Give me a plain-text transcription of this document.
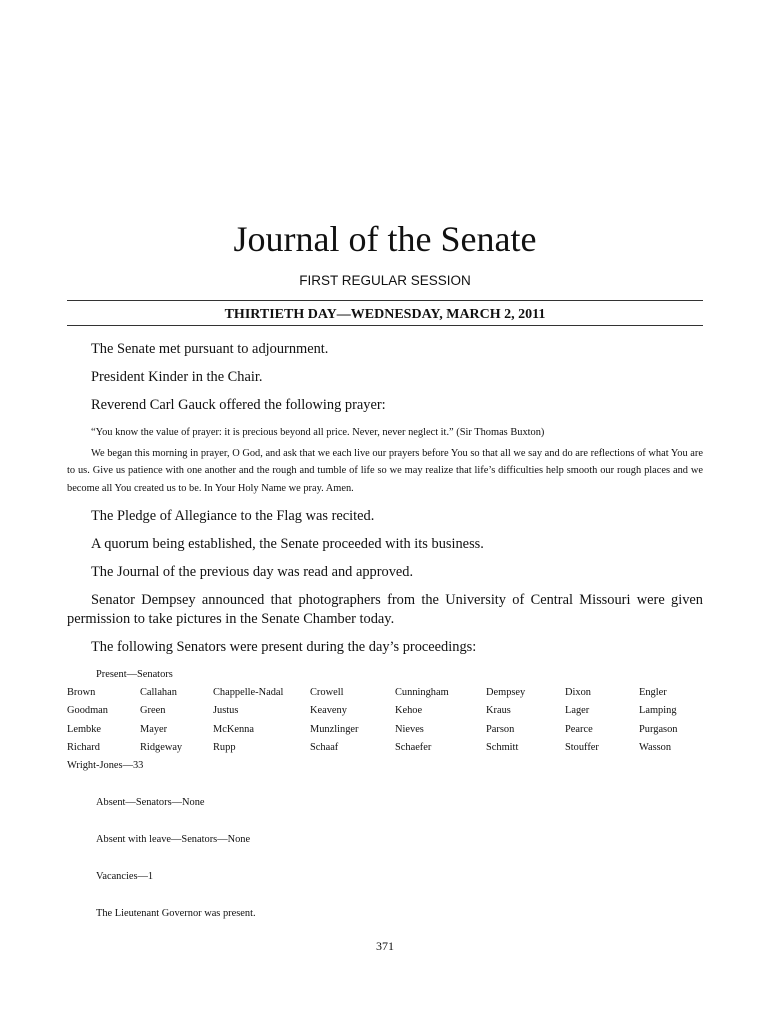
Journal of the Senate
FIRST REGULAR SESSION
THIRTIETH DAY—WEDNESDAY, MARCH 2, 2011

The Senate met pursuant to adjournment.

President Kinder in the Chair.

Reverend Carl Gauck offered the following prayer:

“You know the value of prayer: it is precious beyond all price. Never, never neglect it.” (Sir Thomas Buxton)

We began this morning in prayer, O God, and ask that we each live our prayers before You so that all we say and do are reflections of what You are to us. Give us patience with one another and the rough and tumble of life so we may realize that life’s difficulties help smooth our rough places and we become all You created us to be. In Your Holy Name we pray. Amen.

The Pledge of Allegiance to the Flag was recited.

A quorum being established, the Senate proceeded with its business.

The Journal of the previous day was read and approved.

Senator Dempsey announced that photographers from the University of Central Missouri were given permission to take pictures in the Senate Chamber today.

The following Senators were present during the day’s proceedings:

Present—Senators
Brown	Callahan	Chappelle-Nadal	Crowell	Cunningham	Dempsey	Dixon	Engler
Goodman	Green	Justus	Keaveny	Kehoe	Kraus	Lager	Lamping
Lembke	Mayer	McKenna	Munzlinger	Nieves	Parson	Pearce	Purgason
Richard	Ridgeway	Rupp	Schaaf	Schaefer	Schmitt	Stouffer	Wasson

Wright-Jones—33

Absent—Senators—None

Absent with leave—Senators—None

Vacancies—1

The Lieutenant Governor was present.

371
